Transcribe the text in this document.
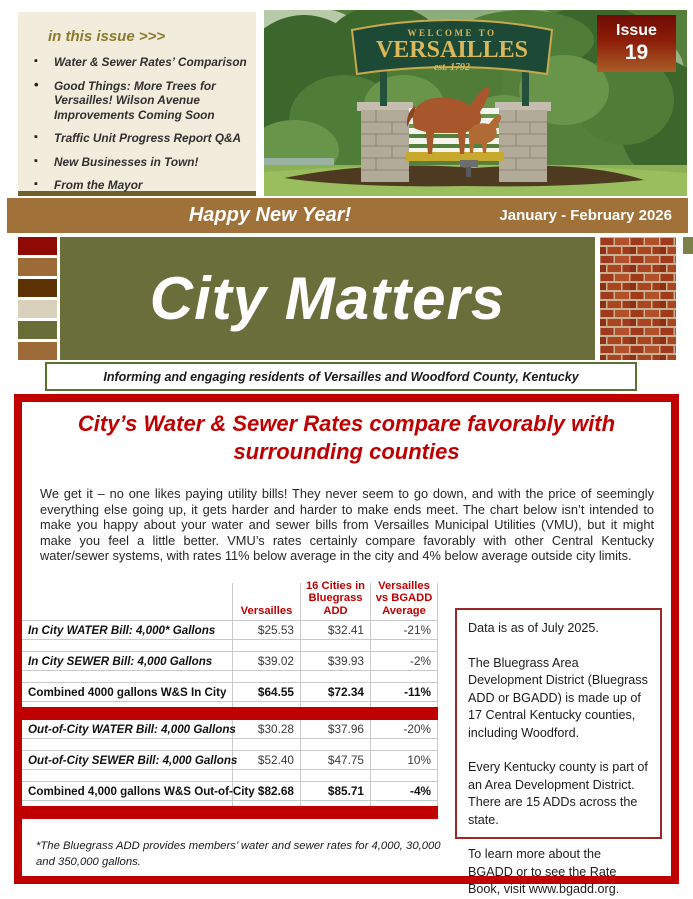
in this issue >>>
▪ Water & Sewer Rates’ Comparison
• Good Things: More Trees for Versailles! Wilson Avenue Improvements Coming Soon
▪ Traffic Unit Progress Report Q&A
▪ New Businesses in Town!
▪ From the Mayor
WELCOME TO
VERSAILLES
est. 1792
Issue
19
Happy New Year!	January - February 2026
City Matters
Informing and engaging residents of Versailles and Woodford County, Kentucky
City’s Water & Sewer Rates compare favorably with
surrounding counties
We get it – no one likes paying utility bills! They never seem to go down, and with the price of seemingly everything else going up, it gets harder and harder to make ends meet. The chart below isn’t intended to make you happy about your water and sewer bills from Versailles Municipal Utilities (VMU), but it might make you feel a little better. VMU’s rates certainly compare favorably with other Central Kentucky water/sewer systems, with rates 11% below average in the city and 4% below average outside city limits.
Versailles
16 Cities in Bluegrass ADD
Versailles vs BGADD Average
In City WATER Bill: 4,000* Gallons	$25.53	$32.41	-21%
In City SEWER Bill: 4,000 Gallons	$39.02	$39.93	-2%
Combined 4000 gallons W&S In City	$64.55	$72.34	-11%
Out-of-City WATER Bill: 4,000 Gallons	$30.28	$37.96	-20%
Out-of-City SEWER Bill: 4,000 Gallons	$52.40	$47.75	10%
Combined 4,000 gallons W&S Out-of-City $82.68	$85.71	-4%

Data is as of July 2025.

The Bluegrass Area Development District (Bluegrass ADD or BGADD) is made up of 17 Central Kentucky counties, including Woodford.

Every Kentucky county is part of an Area Development District. There are 15 ADDs across the state.

To learn more about the BGADD or to see the Rate Book, visit www.bgadd.org.

*The Bluegrass ADD provides members’ water and sewer rates for 4,000, 30,000 and 350,000 gallons.
